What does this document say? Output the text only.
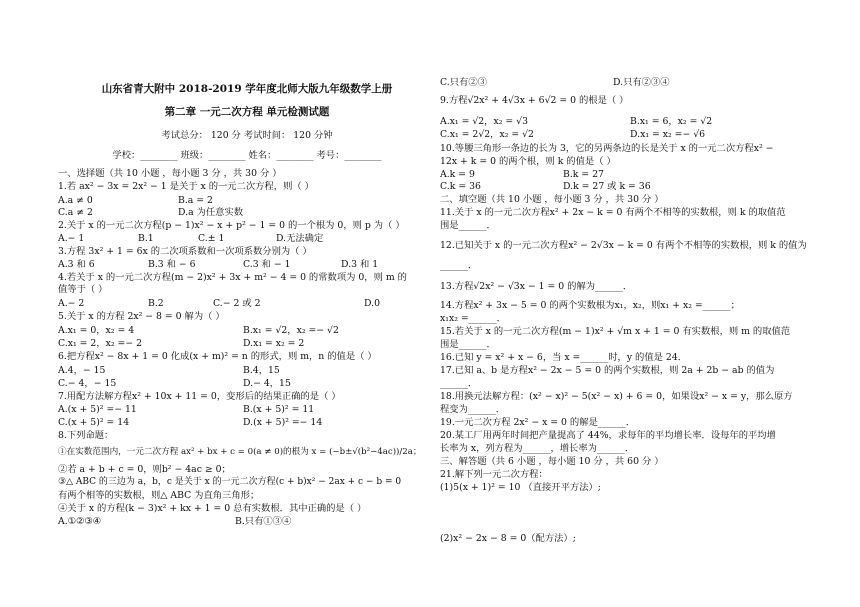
山东省青大附中 2018-2019 学年度北师大版九年级数学上册
第二章 一元二次方程 单元检测试题
考试总分： 120 分 考试时间： 120 分钟
学校：________ 班级：________ 姓名：________ 考号：________
一、选择题（共 10 小题 ，每小题 3 分 ，共 30 分 ）
1.若 ax² − 3x = 2x² − 1 是关于 x 的一元二次方程，则（ ）
A.a ≠ 0	B.a = 2
C.a ≠ 2	D.a 为任意实数
2.关于 x 的一元二次方程(p − 1)x² − x + p² − 1 = 0 的一个根为 0，则 p 为（ ）
A.− 1	B.1	C.± 1	D.无法确定
3.方程 3x² + 1 = 6x 的二次项系数和一次项系数分别为（ ）
A.3 和 6	B.3 和 − 6	C.3 和 − 1	D.3 和 1
4.若关于 x 的一元二次方程(m − 2)x² + 3x + m² − 4 = 0 的常数项为 0，则 m 的
值等于（ ）
A.− 2	B.2	C.− 2 或 2	D.0
5.关于 x 的方程 2x² − 8 = 0 解为（ ）
A.x₁ = 0，x₂ = 4	B.x₁ = √2，x₂ =− √2
C.x₁ = 2，x₂ =− 2	D.x₁ = x₂ = 2
6.把方程x² − 8x + 1 = 0 化成(x + m)² = n 的形式，则 m，n 的值是（ ）
A.4，− 15	B.4，15
C.− 4，− 15	D.− 4，15
7.用配方法解方程x² + 10x + 11 = 0，变形后的结果正确的是（ ）
A.(x + 5)² =− 11	B.(x + 5)² = 11
C.(x + 5)² = 14	D.(x + 5)² =− 14
8.下列命题：
①在实数范围内，一元二次方程 ax² + bx + c = 0(a ≠ 0)的根为 x = (−b±√(b²−4ac))/2a；
②若 a + b + c = 0，则b² − 4ac ≥ 0；
③△ ABC 的三边为 a，b，c 是关于 x 的一元二次方程(c + b)x² − 2ax + c − b = 0
有两个相等的实数根，则△ ABC 为直角三角形；
④关于 x 的方程(k − 3)x² + kx + 1 = 0 总有实数根．其中正确的是（ ）
A.①②③④	B.只有①③④
C.只有②③	D.只有②③④
9.方程√2x² + 4√3x + 6√2 = 0 的根是（ ）
A.x₁ = √2，x₂ = √3	B.x₁ = 6，x₂ = √2
C.x₁ = 2√2，x₂ = √2	D.x₁ = x₂ =− √6
10.等腰三角形一条边的长为 3，它的另两条边的长是关于 x 的一元二次方程x² −
12x + k = 0 的两个根，则 k 的值是（ ）
A.k = 9	B.k = 27
C.k = 36	D.k = 27 或 k = 36
二、填空题（共 10 小题 ，每小题 3 分 ，共 30 分 ）
11.关于 x 的一元二次方程x² + 2x − k = 0 有两个不相等的实数根，则 k 的取值范
围是______．
12.已知关于 x 的一元二次方程x² − 2√3x − k = 0 有两个不相等的实数根，则 k 的值为
______．
13.方程√2x² − √3x − 1 = 0 的解为______．
14.方程x² + 3x − 5 = 0 的两个实数根为x₁，x₂，则x₁ + x₂ =______；
x₁x₂ =______．
15.若关于 x 的一元二次方程(m − 1)x² + √m x + 1 = 0 有实数根，则 m 的取值范
围是______．
16.已知 y = x² + x − 6，当 x =______时，y 的值是 24．
17.已知 a、b 是方程x² − 2x − 5 = 0 的两个实数根，则 2a + 2b − ab 的值为
______．
18.用换元法解方程：(x² − x)² − 5(x² − x) + 6 = 0，如果设x² − x = y，那么原方
程变为______．
19.一元二次方程 2x² − x = 0 的解是______．
20.某工厂用两年时间把产量提高了 44%，求每年的平均增长率．设每年的平均增
长率为 x，列方程为______，增长率为______．
三、解答题（共 6 小题 ，每小题 10 分 ，共 60 分 ）
21.解下列一元二次方程：
(1)5(x + 1)² = 10 （直接开平方法）;
(2)x² − 2x − 8 = 0（配方法）;
